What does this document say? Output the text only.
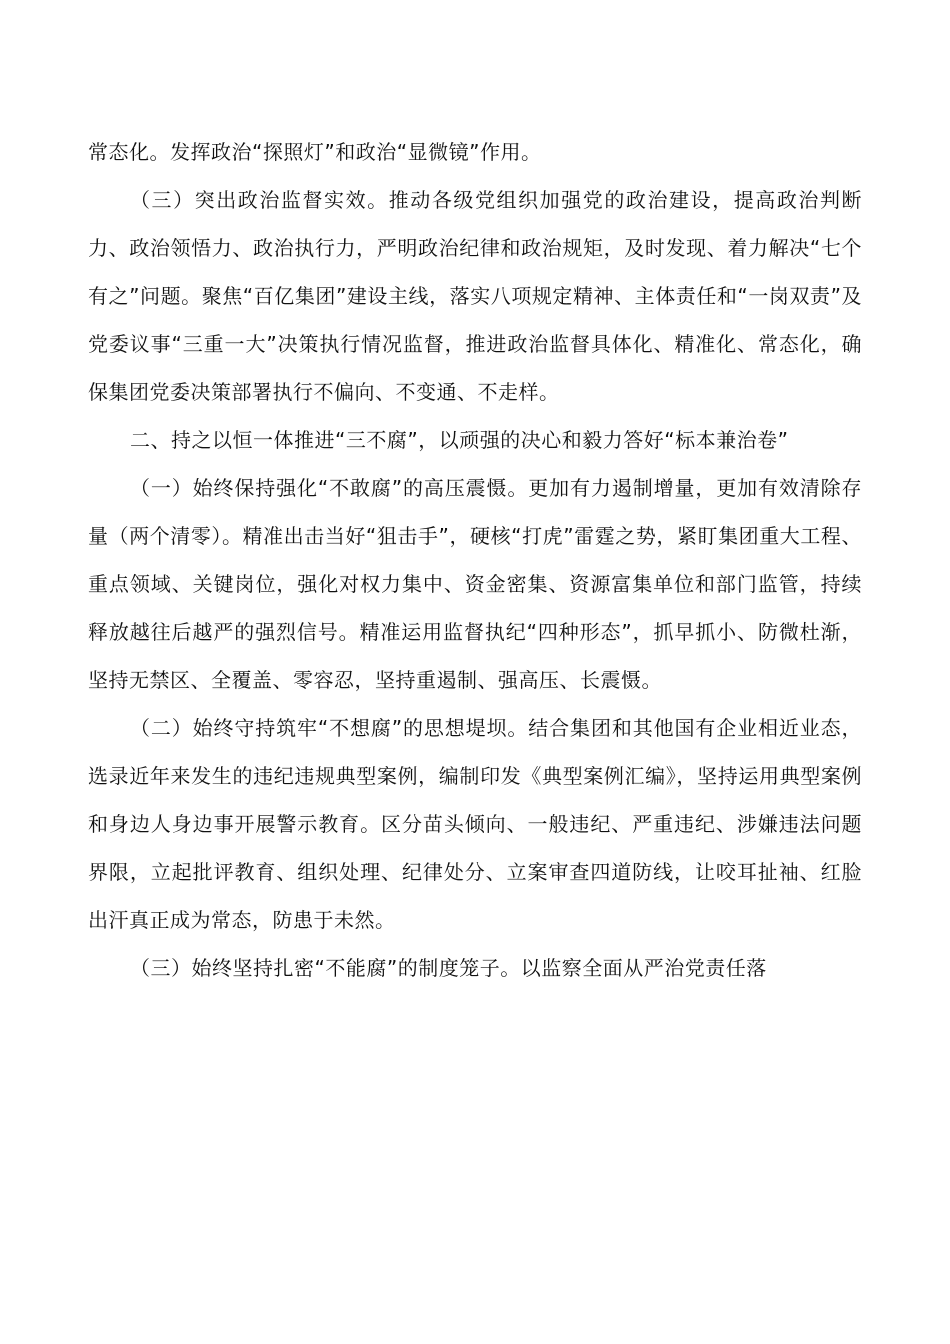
常态化。发挥政治“探照灯”和政治“显微镜”作用。

（三）突出政治监督实效。推动各级党组织加强党的政治建设，提高政治判断力、政治领悟力、政治执行力，严明政治纪律和政治规矩，及时发现、着力解决“七个有之”问题。聚焦“百亿集团”建设主线，落实八项规定精神、主体责任和“一岗双责”及党委议事“三重一大”决策执行情况监督，推进政治监督具体化、精准化、常态化，确保集团党委决策部署执行不偏向、不变通、不走样。

二、持之以恒一体推进“三不腐”，以顽强的决心和毅力答好“标本兼治卷”

（一）始终保持强化“不敢腐”的高压震慑。更加有力遏制增量，更加有效清除存量（两个清零）。精准出击当好“狙击手”，硬核“打虎”雷霆之势，紧盯集团重大工程、重点领域、关键岗位，强化对权力集中、资金密集、资源富集单位和部门监管，持续释放越往后越严的强烈信号。精准运用监督执纪“四种形态”，抓早抓小、防微杜渐，坚持无禁区、全覆盖、零容忍，坚持重遏制、强高压、长震慑。

（二）始终守持筑牢“不想腐”的思想堤坝。结合集团和其他国有企业相近业态，选录近年来发生的违纪违规典型案例，编制印发《典型案例汇编》，坚持运用典型案例和身边人身边事开展警示教育。区分苗头倾向、一般违纪、严重违纪、涉嫌违法问题界限，立起批评教育、组织处理、纪律处分、立案审查四道防线，让咬耳扯袖、红脸出汗真正成为常态，防患于未然。

（三）始终坚持扎密“不能腐”的制度笼子。以监察全面从严治党责任落
